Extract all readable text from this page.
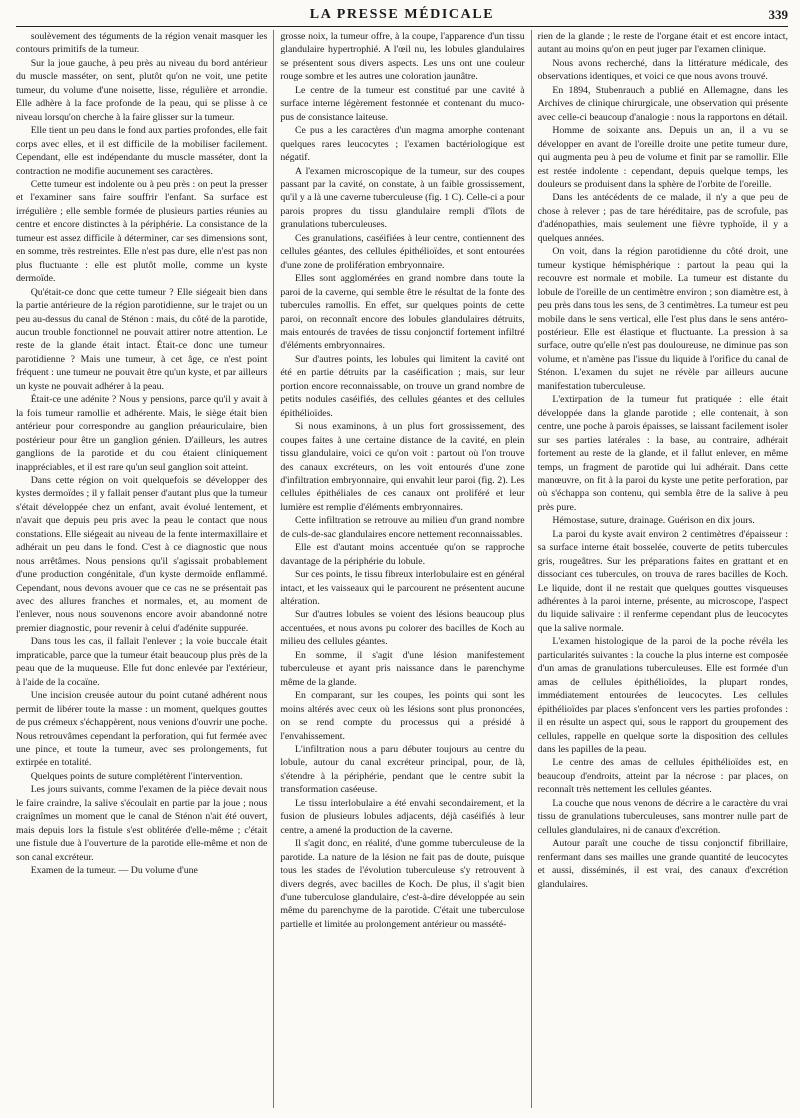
LA PRESSE MÉDICALE	339

soulèvement des téguments de la région venait masquer les contours primitifs de la tumeur.

Sur la joue gauche, à peu près au niveau du bord antérieur du muscle masséter, on sent, plutôt qu'on ne voit, une petite tumeur, du volume d'une noisette, lisse, régulière et arrondie. Elle adhère à la face profonde de la peau, qui se plisse à ce niveau lorsqu'on cherche à la faire glisser sur la tumeur.

Elle tient un peu dans le fond aux parties profondes, elle fait corps avec elles, et il est difficile de la mobiliser facilement. Cependant, elle est indépendante du muscle masséter, dont la contraction ne modifie aucunement ses caractères.

Cette tumeur est indolente ou à peu près : on peut la presser et l'examiner sans faire souffrir l'enfant. Sa surface est irrégulière ; elle semble formée de plusieurs parties réunies au centre et encore distinctes à la périphérie. La consistance de la tumeur est assez difficile à déterminer, car ses dimensions sont, en somme, très restreintes. Elle n'est pas dure, elle n'est pas non plus fluctuante : elle est plutôt molle, comme un kyste dermoïde.

Qu'était-ce donc que cette tumeur ? Elle siégeait bien dans la partie antérieure de la région parotidienne, sur le trajet ou un peu au-dessus du canal de Sténon : mais, du côté de la parotide, aucun trouble fonctionnel ne pouvait attirer notre attention. Le reste de la glande était intact. Était-ce donc une tumeur parotidienne ? Mais une tumeur, à cet âge, ce n'est point fréquent : une tumeur ne pouvait être qu'un kyste, et par ailleurs un kyste ne pouvait adhérer à la peau.

Était-ce une adénite ? Nous y pensions, parce qu'il y avait à la fois tumeur ramollie et adhérente. Mais, le siège était bien antérieur pour correspondre au ganglion préauriculaire, bien postérieur pour être un ganglion génien. D'ailleurs, les autres ganglions de la parotide et du cou étaient cliniquement inappréciables, et il est rare qu'un seul ganglion soit atteint.

Dans cette région on voit quelquefois se développer des kystes dermoïdes ; il y fallait penser d'autant plus que la tumeur s'était développée chez un enfant, avait évolué lentement, et n'avait que depuis peu pris avec la peau le contact que nous constations. Elle siégeait au niveau de la fente intermaxillaire et adhérait un peu dans le fond. C'est à ce diagnostic que nous nous arrêtâmes. Nous pensions qu'il s'agissait probablement d'une production congénitale, d'un kyste dermoïde enflammé. Cependant, nous devons avouer que ce cas ne se présentait pas avec des allures franches et normales, et, au moment de l'enlever, nous nous souvenons encore avoir abandonné notre premier diagnostic, pour revenir à celui d'adénite suppurée.

Dans tous les cas, il fallait l'enlever ; la voie buccale était impraticable, parce que la tumeur était beaucoup plus près de la peau que de la muqueuse. Elle fut donc enlevée par l'extérieur, à l'aide de la cocaïne.

Une incision creusée autour du point cutané adhérent nous permit de libérer toute la masse : un moment, quelques gouttes de pus crémeux s'échappèrent, nous venions d'ouvrir une poche. Nous retrouvâmes cependant la perforation, qui fut fermée avec une pince, et toute la tumeur, avec ses prolongements, fut extirpée en totalité.

Quelques points de suture complétèrent l'intervention.

Les jours suivants, comme l'examen de la pièce devait nous le faire craindre, la salive s'écoulait en partie par la joue ; nous craignîmes un moment que le canal de Sténon n'ait été ouvert, mais depuis lors la fistule s'est oblitérée d'elle-même ; c'était une fistule due à l'ouverture de la parotide elle-même et non de son canal excréteur.

Examen de la tumeur. — Du volume d'une

grosse noix, la tumeur offre, à la coupe, l'apparence d'un tissu glandulaire hypertrophié. A l'œil nu, les lobules glandulaires se présentent sous divers aspects. Les uns ont une couleur rouge sombre et les autres une coloration jaunâtre.

Le centre de la tumeur est constitué par une cavité à surface interne légèrement festonnée et contenant du muco-pus de consistance laiteuse.

Ce pus a les caractères d'un magma amorphe contenant quelques rares leucocytes ; l'examen bactériologique est négatif.

A l'examen microscopique de la tumeur, sur des coupes passant par la cavité, on constate, à un faible grossissement, qu'il y a là une caverne tuberculeuse (fig. 1 C). Celle-ci a pour parois propres du tissu glandulaire rempli d'îlots de granulations tuberculeuses.

Ces granulations, caséifiées à leur centre, contiennent des cellules géantes, des cellules épithélioïdes, et sont entourées d'une zone de prolifération embryonnaire.

Elles sont agglomérées en grand nombre dans toute la paroi de la caverne, qui semble être le résultat de la fonte des tubercules ramollis. En effet, sur quelques points de cette paroi, on reconnaît encore des lobules glandulaires détruits, mais entourés de travées de tissu conjonctif fortement infiltré d'éléments embryonnaires.

Sur d'autres points, les lobules qui limitent la cavité ont été en partie détruits par la caséification ; mais, sur leur portion encore reconnaissable, on trouve un grand nombre de petits nodules caséifiés, des cellules géantes et des cellules épithélioïdes.

Si nous examinons, à un plus fort grossissement, des coupes faites à une certaine distance de la cavité, en plein tissu glandulaire, voici ce qu'on voit : partout où l'on trouve des canaux excréteurs, on les voit entourés d'une zone d'infiltration embryonnaire, qui envahit leur paroi (fig. 2). Les cellules épithéliales de ces canaux ont proliféré et leur lumière est remplie d'éléments embryonnaires.

Cette infiltration se retrouve au milieu d'un grand nombre de culs-de-sac glandulaires encore nettement reconnaissables.

Elle est d'autant moins accentuée qu'on se rapproche davantage de la périphérie du lobule.

Sur ces points, le tissu fibreux interlobulaire est en général intact, et les vaisseaux qui le parcourent ne présentent aucune altération.

Sur d'autres lobules se voient des lésions beaucoup plus accentuées, et nous avons pu colorer des bacilles de Koch au milieu des cellules géantes.

En somme, il s'agit d'une lésion manifestement tuberculeuse et ayant pris naissance dans le parenchyme même de la glande.

En comparant, sur les coupes, les points qui sont les moins altérés avec ceux où les lésions sont plus prononcées, on se rend compte du processus qui a présidé à l'envahissement.

L'infiltration nous a paru débuter toujours au centre du lobule, autour du canal excréteur principal, pour, de là, s'étendre à la périphérie, pendant que le centre subit la transformation caséeuse.

Le tissu interlobulaire a été envahi secondairement, et la fusion de plusieurs lobules adjacents, déjà caséifiés à leur centre, a amené la production de la caverne.

Il s'agit donc, en réalité, d'une gomme tuberculeuse de la parotide. La nature de la lésion ne fait pas de doute, puisque tous les stades de l'évolution tuberculeuse s'y retrouvent à divers degrés, avec bacilles de Koch. De plus, il s'agit bien d'une tuberculose glandulaire, c'est-à-dire développée au sein même du parenchyme de la parotide. C'était une tuberculose partielle et limitée au prolongement antérieur ou massété-

rien de la glande ; le reste de l'organe était et est encore intact, autant au moins qu'on en peut juger par l'examen clinique.

Nous avons recherché, dans la littérature médicale, des observations identiques, et voici ce que nous avons trouvé.

En 1894, Stubenrauch a publié en Allemagne, dans les Archives de clinique chirurgicale, une observation qui présente avec celle-ci beaucoup d'analogie : nous la rapportons en détail.

Homme de soixante ans. Depuis un an, il a vu se développer en avant de l'oreille droite une petite tumeur dure, qui augmenta peu à peu de volume et finit par se ramollir. Elle est restée indolente : cependant, depuis quelque temps, les douleurs se produisent dans la sphère de l'orbite de l'oreille.

Dans les antécédents de ce malade, il n'y a que peu de chose à relever ; pas de tare héréditaire, pas de scrofule, pas d'adénopathies, mais seulement une fièvre typhoïde, il y a quelques années.

On voit, dans la région parotidienne du côté droit, une tumeur kystique hémisphérique : partout la peau qui la recouvre est normale et mobile. La tumeur est distante du lobule de l'oreille de un centimètre environ ; son diamètre est, à peu près dans tous les sens, de 3 centimètres. La tumeur est peu mobile dans le sens vertical, elle l'est plus dans le sens antéro-postérieur. Elle est élastique et fluctuante. La pression à sa surface, outre qu'elle n'est pas douloureuse, ne diminue pas son volume, et n'amène pas l'issue du liquide à l'orifice du canal de Sténon. L'examen du sujet ne révèle par ailleurs aucune manifestation tuberculeuse.

L'extirpation de la tumeur fut pratiquée : elle était développée dans la glande parotide ; elle contenait, à son centre, une poche à parois épaisses, se laissant facilement isoler sur ses parties latérales : la base, au contraire, adhérait fortement au reste de la glande, et il fallut enlever, en même temps, un fragment de parotide qui lui adhérait. Dans cette manœuvre, on fit à la paroi du kyste une petite perforation, par où s'échappa son contenu, qui sembla être de la salive à peu près pure.

Hémostase, suture, drainage. Guérison en dix jours.

La paroi du kyste avait environ 2 centimètres d'épaisseur : sa surface interne était bosselée, couverte de petits tubercules gris, rougeâtres. Sur les préparations faites en grattant et en dissociant ces tubercules, on trouva de rares bacilles de Koch. Le liquide, dont il ne restait que quelques gouttes visqueuses adhérentes à la paroi interne, présente, au microscope, l'aspect du liquide salivaire : il renferme cependant plus de leucocytes que la salive normale.

L'examen histologique de la paroi de la poche révéla les particularités suivantes : la couche la plus interne est composée d'un amas de granulations tuberculeuses. Elle est formée d'un amas de cellules épithélioïdes, la plupart rondes, immédiatement entourées de leucocytes. Les cellules épithélioïdes par places s'enfoncent vers les parties profondes : il en résulte un aspect qui, sous le rapport du groupement des cellules, rappelle en quelque sorte la disposition des cellules dans les papilles de la peau.

Le centre des amas de cellules épithélioïdes est, en beaucoup d'endroits, atteint par la nécrose : par places, on reconnaît très nettement les cellules géantes.

La couche que nous venons de décrire a le caractère du vrai tissu de granulations tuberculeuses, sans montrer nulle part de cellules glandulaires, ni de canaux d'excrétion.

Autour paraît une couche de tissu conjonctif fibrillaire, renfermant dans ses mailles une grande quantité de leucocytes et aussi, disséminés, il est vrai, des canaux d'excrétion glandulaires.
